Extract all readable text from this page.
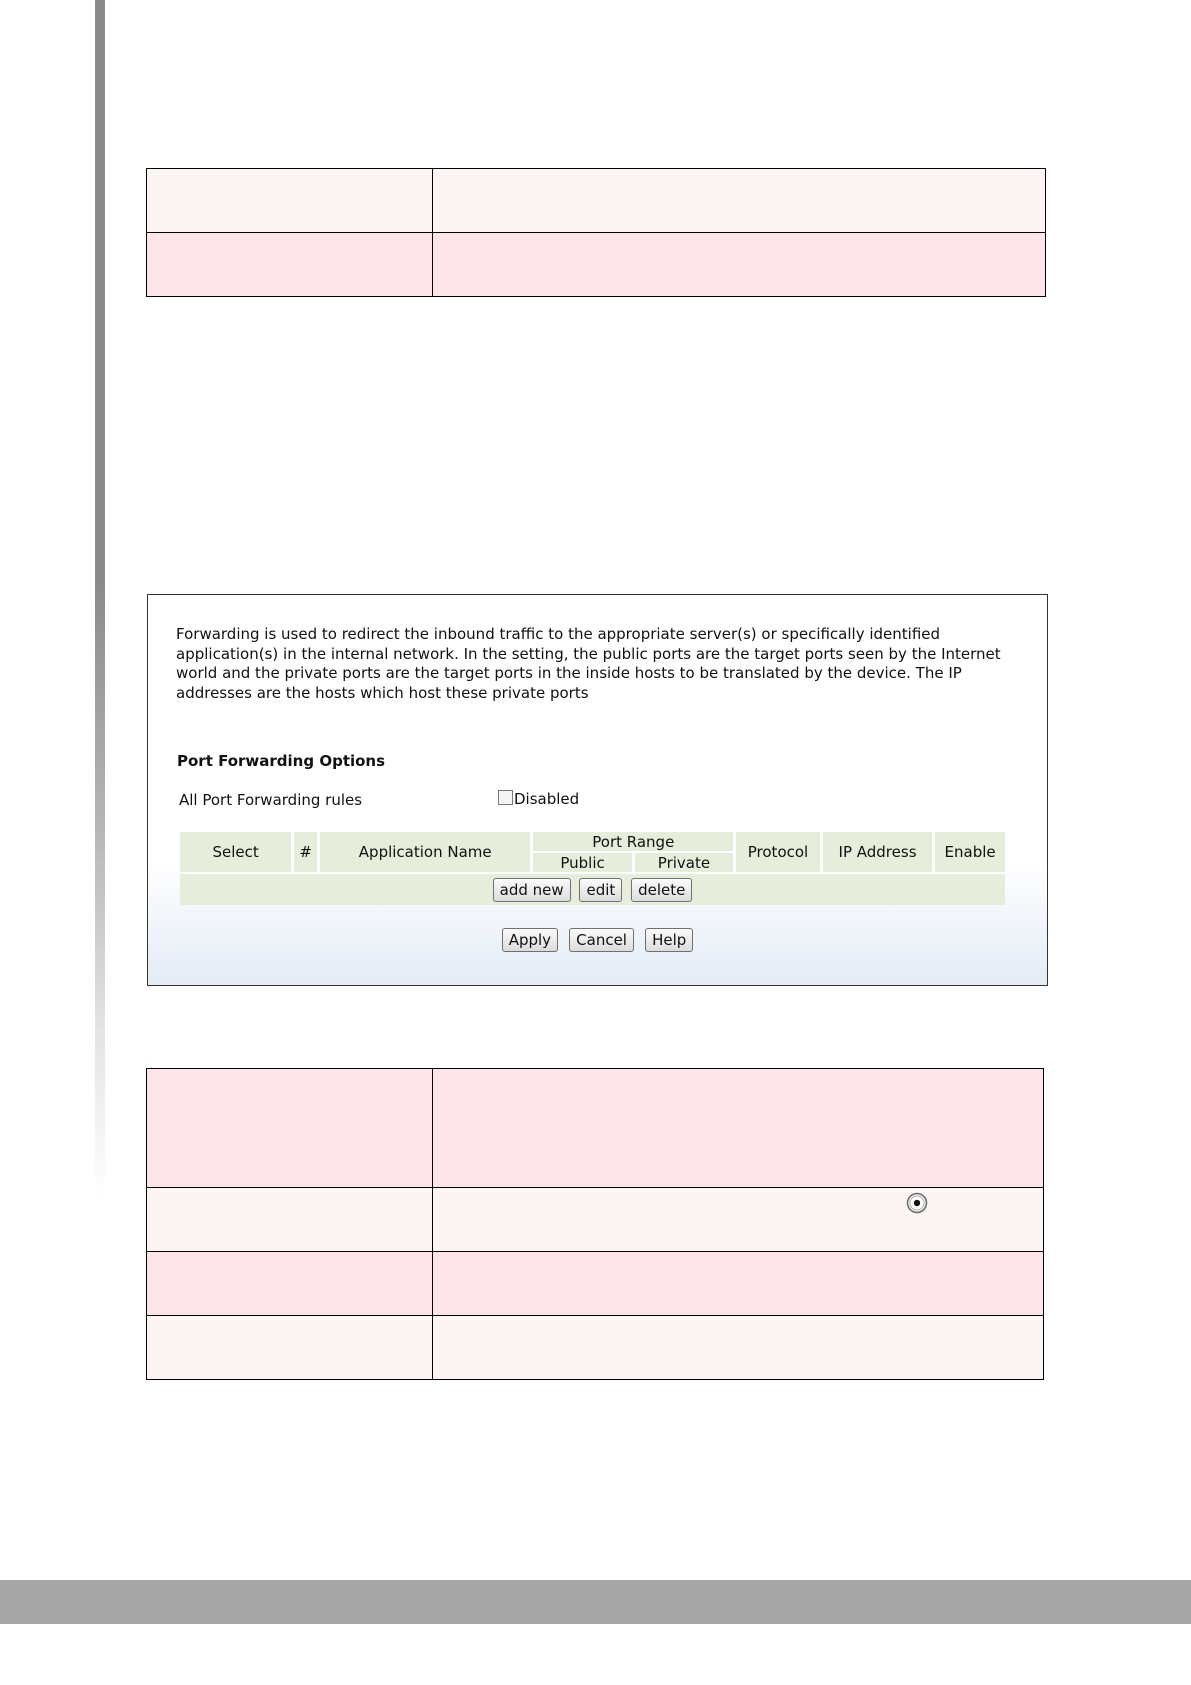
Forwarding is used to redirect the inbound traffic to the appropriate server(s) or specifically identified application(s) in the internal network. In the setting, the public ports are the target ports seen by the Internet world and the private ports are the target ports in the inside hosts to be translated by the device. The IP addresses are the hosts which host these private ports
Port Forwarding Options
All Port Forwarding rules	Disabled
Select	#	Application Name	Port Range		Protocol	IP Address	Enable
			Public	Private			
add new edit delete							
Apply Cancel Help
